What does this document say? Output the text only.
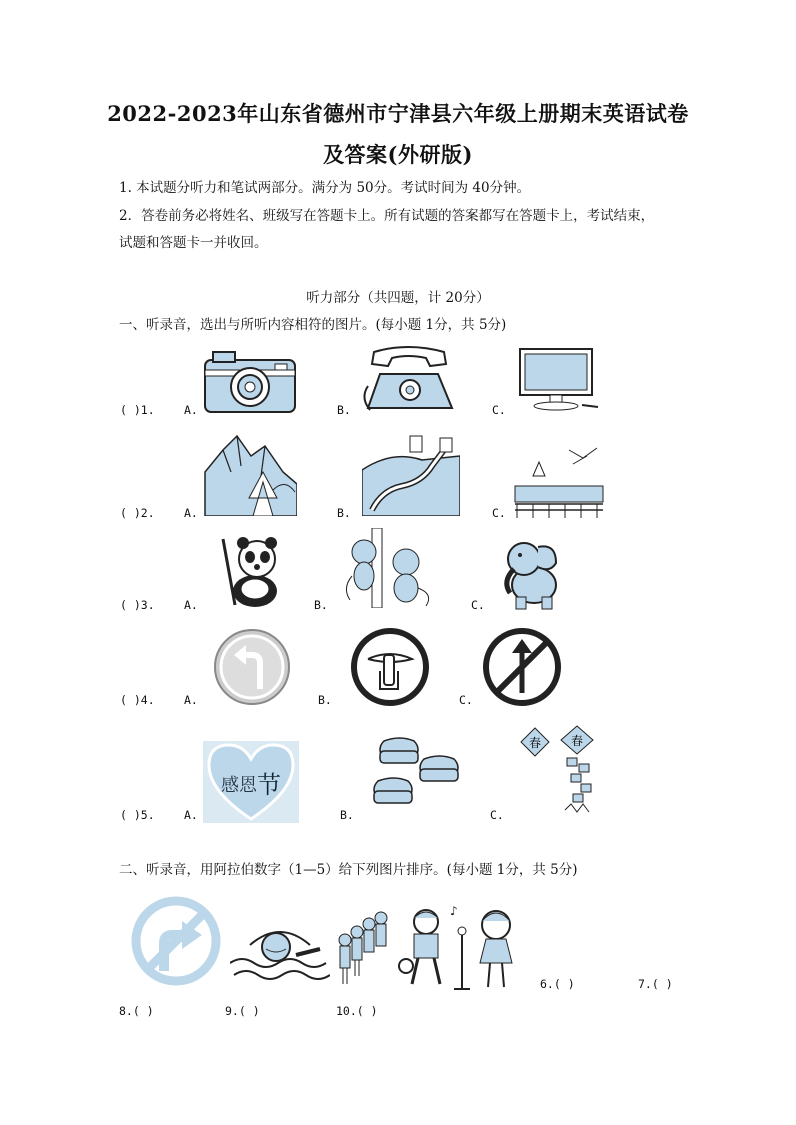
2022-2023年山东省德州市宁津县六年级上册期末英语试卷
及答案(外研版)
1. 本试题分听力和笔试两部分。满分为 50分。考试时间为 40分钟。
2．答卷前务必将姓名、班级写在答题卡上。所有试题的答案都写在答题卡上，考试结束，
试题和答题卡一并收回。
听力部分（共四题，计 20分）
一、听录音，选出与所听内容相符的图片。(每小题 1分，共 5分)
( )1.	A.	B.	C.
( )2.	A.	B.	C.
( )3.	A.	B.	C.
( )4.	A.	B.	C.
( )5.	A.	B.	C.
感恩 节
春 春
二、听录音，用阿拉伯数字（1—5）给下列图片排序。(每小题 1分，共 5分)
♪
6.( )	7.( )
8.( )	9.( )	10.( )
